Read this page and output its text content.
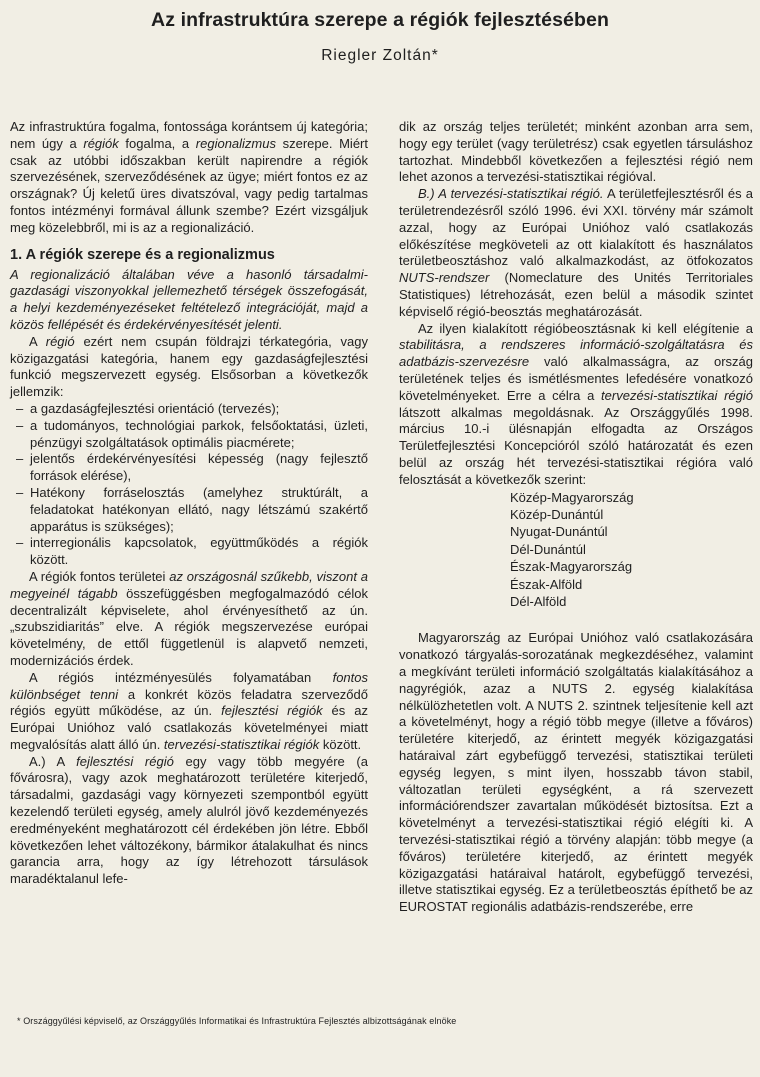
Az infrastruktúra szerepe a régiók fejlesztésében
Riegler Zoltán*

Az infrastruktúra fogalma, fontossága korántsem új kategória; nem úgy a régiók fogalma, a regionalizmus szerepe. Miért csak az utóbbi időszakban került napirendre a régiók szervezésének, szerveződésének az ügye; miért fontos ez az országnak? Új keletű üres divatszóval, vagy pedig tartalmas fontos intézményi formával állunk szembe? Ezért vizsgáljuk meg közelebbről, mi is az a regionalizáció.

1. A régiók szerepe és a regionalizmus

A regionalizáció általában véve a hasonló társadalmi-gazdasági viszonyokkal jellemezhető térségek összefogását, a helyi kezdeményezéseket feltételező integrációját, majd a közös fellépését és érdekérvényesítését jelenti.

A régió ezért nem csupán földrajzi térkategória, vagy közigazgatási kategória, hanem egy gazdaságfejlesztési funkció megszervezett egység. Elsősorban a következők jellemzik:

– a gazdaságfejlesztési orientáció (tervezés);
– a tudományos, technológiai parkok, felsőoktatási, üzleti, pénzügyi szolgáltatások optimális piacmérete;
– jelentős érdekérvényesítési képesség (nagy fejlesztő források elérése),
– Hatékony forráselosztás (amelyhez struktúrált, a feladatokat hatékonyan ellátó, nagy létszámú szakértő apparátus is szükséges);
– interregionális kapcsolatok, együttműködés a régiók között.

A régiók fontos területei az országosnál szűkebb, viszont a megyeinél tágabb összefüggésben megfogalmazódó célok decentralizált képviselete, ahol érvényesíthető az ún. „szubszidiaritás” elve. A régiók megszervezése európai követelmény, de ettől függetlenül is alapvető nemzeti, modernizációs érdek.

A régiós intézményesülés folyamatában fontos különbséget tenni a konkrét közös feladatra szerveződő régiós együtt működése, az ún. fejlesztési régiók és az Európai Unióhoz való csatlakozás követelményei miatt megvalósítás alatt álló ún. tervezési-statisztikai régiók között.

A.) A fejlesztési régió egy vagy több megyére (a fővárosra), vagy azok meghatározott területére kiterjedő, társadalmi, gazdasági vagy környezeti szempontból együtt kezelendő területi egység, amely alulról jövő kezdeményezés eredményeként meghatározott cél érdekében jön létre. Ebből következően lehet változékony, bármikor átalakulhat és nincs garancia arra, hogy az így létrehozott társulások maradéktalanul lefe-

dik az ország teljes területét; minként azonban arra sem, hogy egy terület (vagy területrész) csak egyetlen társuláshoz tartozhat. Mindebből következően a fejlesztési régió nem lehet azonos a tervezési-statisztikai régióval.

B.) A tervezési-statisztikai régió. A területfejlesztésről és a területrendezésről szóló 1996. évi XXI. törvény már számolt azzal, hogy az Európai Unióhoz való csatlakozás előkészítése megköveteli az ott kialakított és használatos területbeosztáshoz való alkalmazkodást, az ötfokozatos NUTS-rendszer (Nomeclature des Unités Territoriales Statistiques) létrehozását, ezen belül a második szintet képviselő régió-beosztás meghatározását.

Az ilyen kialakított régióbeosztásnak ki kell elégítenie a stabilitásra, a rendszeres információ-szolgáltatásra és adatbázis-szervezésre való alkalmasságra, az ország területének teljes és ismétlésmentes lefedésére vonatkozó követelményeket. Erre a célra a tervezési-statisztikai régió látszott alkalmas megoldásnak. Az Országgyűlés 1998. március 10.-i ülésnapján elfogadta az Országos Területfejlesztési Koncepcióról szóló határozatát és ezen belül az ország hét tervezési-statisztikai régióra való felosztását a következők szerint:

Közép-Magyarország
Közép-Dunántúl
Nyugat-Dunántúl
Dél-Dunántúl
Észak-Magyarország
Észak-Alföld
Dél-Alföld

Magyarország az Európai Unióhoz való csatlakozására vonatkozó tárgyalás-sorozatának megkezdéséhez, valamint a megkívánt területi információ szolgáltatás kialakításához a nagyrégiók, azaz a NUTS 2. egység kialakítása nélkülözhetetlen volt. A NUTS 2. szintnek teljesítenie kell azt a követelményt, hogy a régió több megye (illetve a főváros) területére kiterjedő, az érintett megyék közigazgatási határaival zárt egybefüggő tervezési, statisztikai területi egység legyen, s mint ilyen, hosszabb távon stabil, változatlan területi egységként, a rá szervezett információrendszer zavartalan működését biztosítsa. Ezt a követelményt a tervezési-statisztikai régió elégíti ki. A tervezési-statisztikai régió a törvény alapján: több megye (a főváros) területére kiterjedő, az érintett megyék közigazgatási határaival határolt, egybefüggő tervezési, illetve statisztikai egység. Ez a területbeosztás építhető be az EUROSTAT regionális adatbázis-rendszerébe, erre

* Országgyűlési képviselő, az Országgyűlés Informatikai és Infrastruktúra Fejlesztés albizottságának elnöke
